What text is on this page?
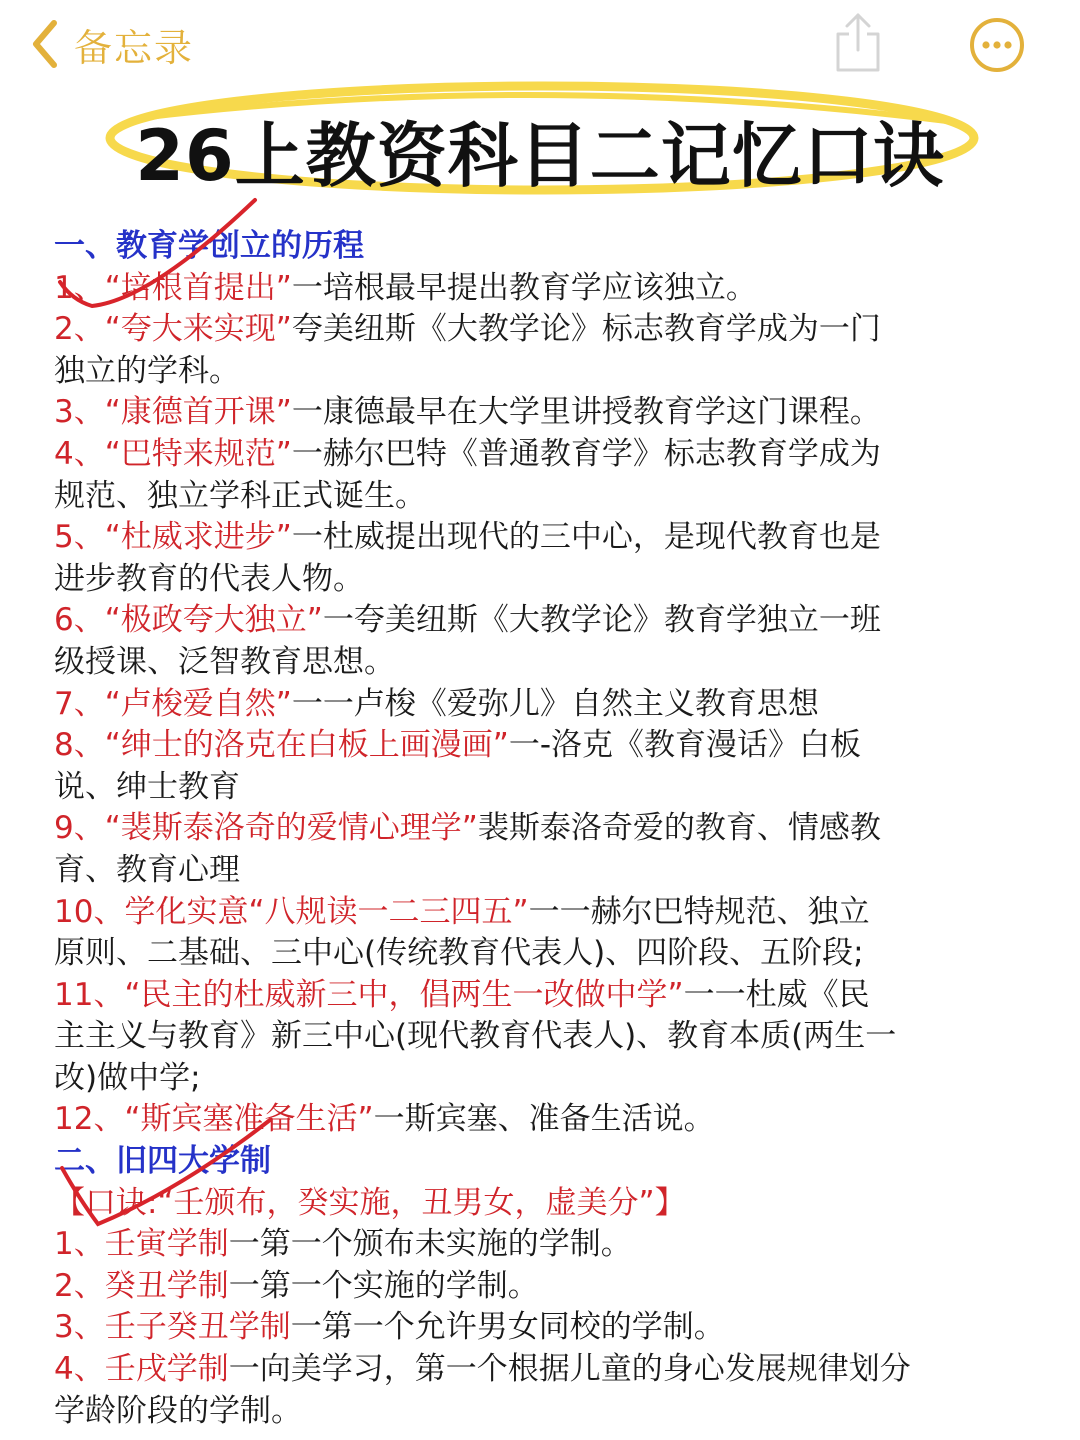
备忘录
26上教资科目二记忆口诀
一、教育学创立的历程
1、“培根首提出”一培根最早提出教育学应该独立。
2、“夸大来实现”夸美纽斯《大教学论》标志教育学成为一门
独立的学科。
3、“康德首开课”一康德最早在大学里讲授教育学这门课程。
4、“巴特来规范”一赫尔巴特《普通教育学》标志教育学成为
规范、独立学科正式诞生。
5、“杜威求进步”一杜威提出现代的三中心，是现代教育也是
进步教育的代表人物。
6、“极政夸大独立”一夸美纽斯《大教学论》教育学独立一班
级授课、泛智教育思想。
7、“卢梭爱自然”一一卢梭《爱弥儿》自然主义教育思想
8、“绅士的洛克在白板上画漫画”一-洛克《教育漫话》白板
说、绅士教育
9、“裴斯泰洛奇的爱情心理学”裴斯泰洛奇爱的教育、情感教
育、教育心理
10、学化实意“八规读一二三四五”一一赫尔巴特规范、独立
原则、二基础、三中心(传统教育代表人)、四阶段、五阶段;
11、“民主的杜威新三中，倡两生一改做中学”一一杜威《民
主主义与教育》新三中心(现代教育代表人)、教育本质(两生一
改)做中学;
12、“斯宾塞准备生活”一斯宾塞、准备生活说。
二、旧四大学制
【口诀:“壬颁布，癸实施，丑男女，虚美分”】
1、壬寅学制一第一个颁布未实施的学制。
2、癸丑学制一第一个实施的学制。
3、壬子癸丑学制一第一个允许男女同校的学制。
4、壬戌学制一向美学习，第一个根据儿童的身心发展规律划分
学龄阶段的学制。
